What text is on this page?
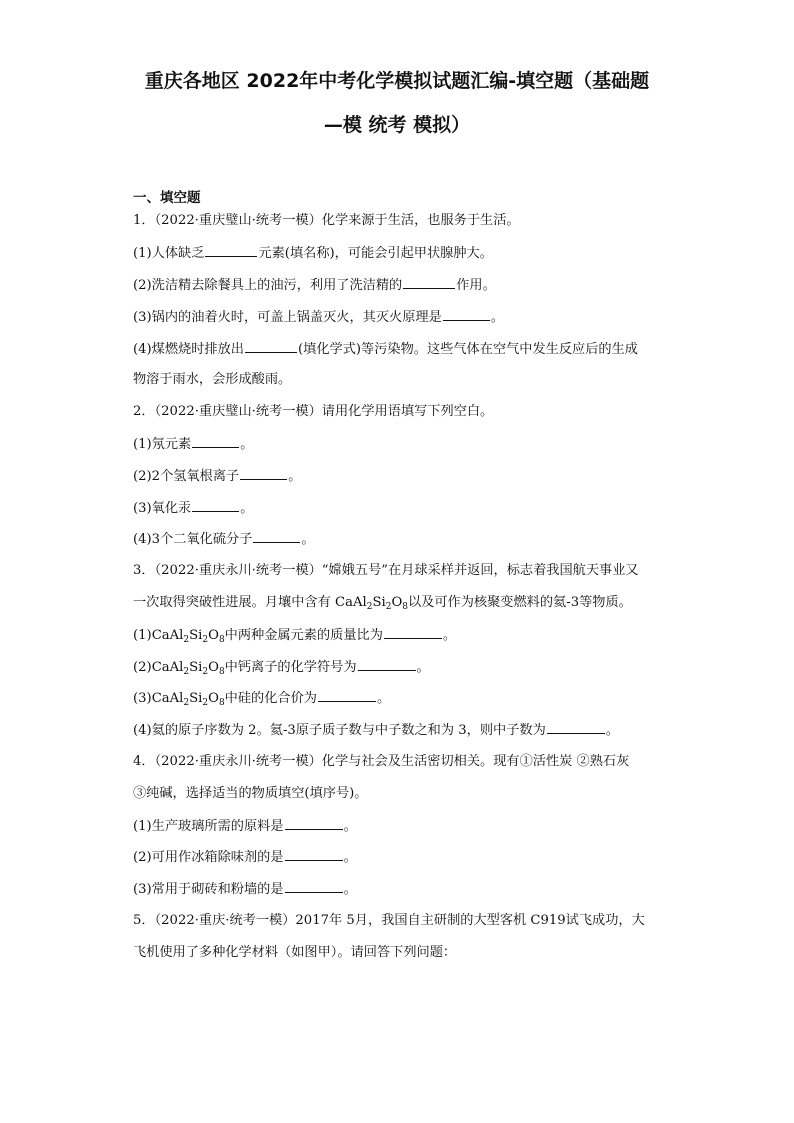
重庆各地区 2022年中考化学模拟试题汇编-填空题（基础题
—模 统考 模拟）
一、填空题
1．（2022·重庆璧山·统考一模）化学来源于生活，也服务于生活。
(1)人体缺乏	元素(填名称)，可能会引起甲状腺肿大。
(2)洗洁精去除餐具上的油污，利用了洗洁精的	作用。
(3)锅内的油着火时，可盖上锅盖灭火，其灭火原理是	。
(4)煤燃烧时排放出	(填化学式)等污染物。这些气体在空气中发生反应后的生成
物溶于雨水，会形成酸雨。
2．（2022·重庆璧山·统考一模）请用化学用语填写下列空白。
(1)氖元素	。
(2)2个氢氧根离子	。
(3)氧化汞	。
(4)3个二氧化硫分子	。
3．（2022·重庆永川·统考一模）“嫦娥五号”在月球采样并返回，标志着我国航天事业又
一次取得突破性进展。月壤中含有 $CaAl_2Si_2O_8$以及可作为核聚变燃料的氦-3等物质。
$(1)CaAl_2Si_2O_8$中两种金属元素的质量比为	。
$(2)CaAl_2Si_2O_8$中钙离子的化学符号为	。
$(3)CaAl_2Si_2O_8$中硅的化合价为	。
(4)氦的原子序数为 2。氦-3原子质子数与中子数之和为 3，则中子数为	。
4．（2022·重庆永川·统考一模）化学与社会及生活密切相关。现有①活性炭 ②熟石灰
③纯碱，选择适当的物质填空(填序号)。
(1)生产玻璃所需的原料是	。
(2)可用作冰箱除味剂的是	。
(3)常用于砌砖和粉墙的是	。
5．（2022·重庆·统考一模）2017年 5月，我国自主研制的大型客机 C919试飞成功，大
飞机使用了多种化学材料（如图甲）。请回答下列问题：
